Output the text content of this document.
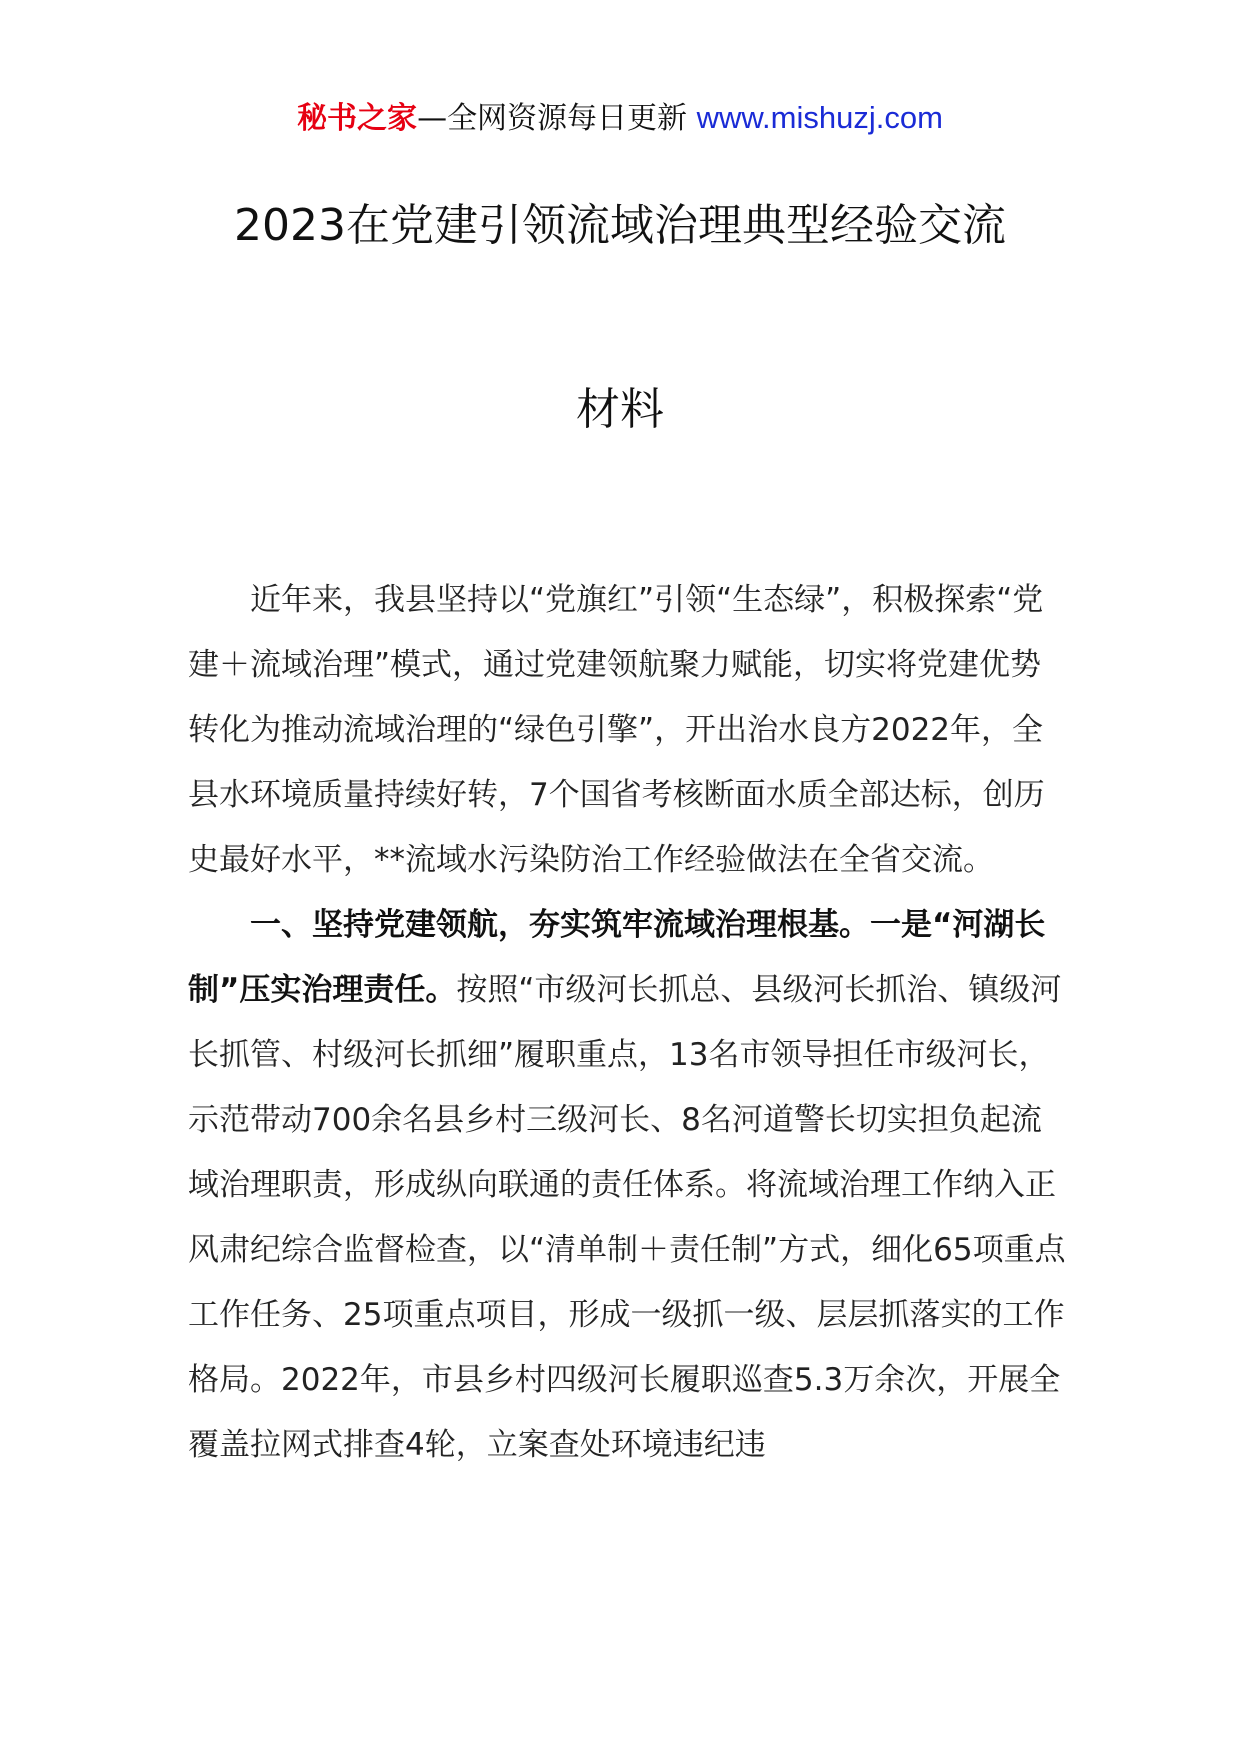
秘书之家—全网资源每日更新 www.mishuzj.com
2023在党建引领流域治理典型经验交流
材料

近年来，我县坚持以“党旗红”引领“生态绿”，积极探索“党建＋流域治理”模式，通过党建领航聚力赋能，切实将党建优势转化为推动流域治理的“绿色引擎”，开出治水良方2022年，全县水环境质量持续好转，7个国省考核断面水质全部达标，创历史最好水平，**流域水污染防治工作经验做法在全省交流。

一、坚持党建领航，夯实筑牢流域治理根基。一是“河湖长制”压实治理责任。按照“市级河长抓总、县级河长抓治、镇级河长抓管、村级河长抓细”履职重点，13名市领导担任市级河长，示范带动700余名县乡村三级河长、8名河道警长切实担负起流域治理职责，形成纵向联通的责任体系。将流域治理工作纳入正风肃纪综合监督检查，以“清单制＋责任制”方式，细化65项重点工作任务、25项重点项目，形成一级抓一级、层层抓落实的工作格局。2022年，市县乡村四级河长履职巡查5.3万余次，开展全覆盖拉网式排查4轮，立案查处环境违纪违
